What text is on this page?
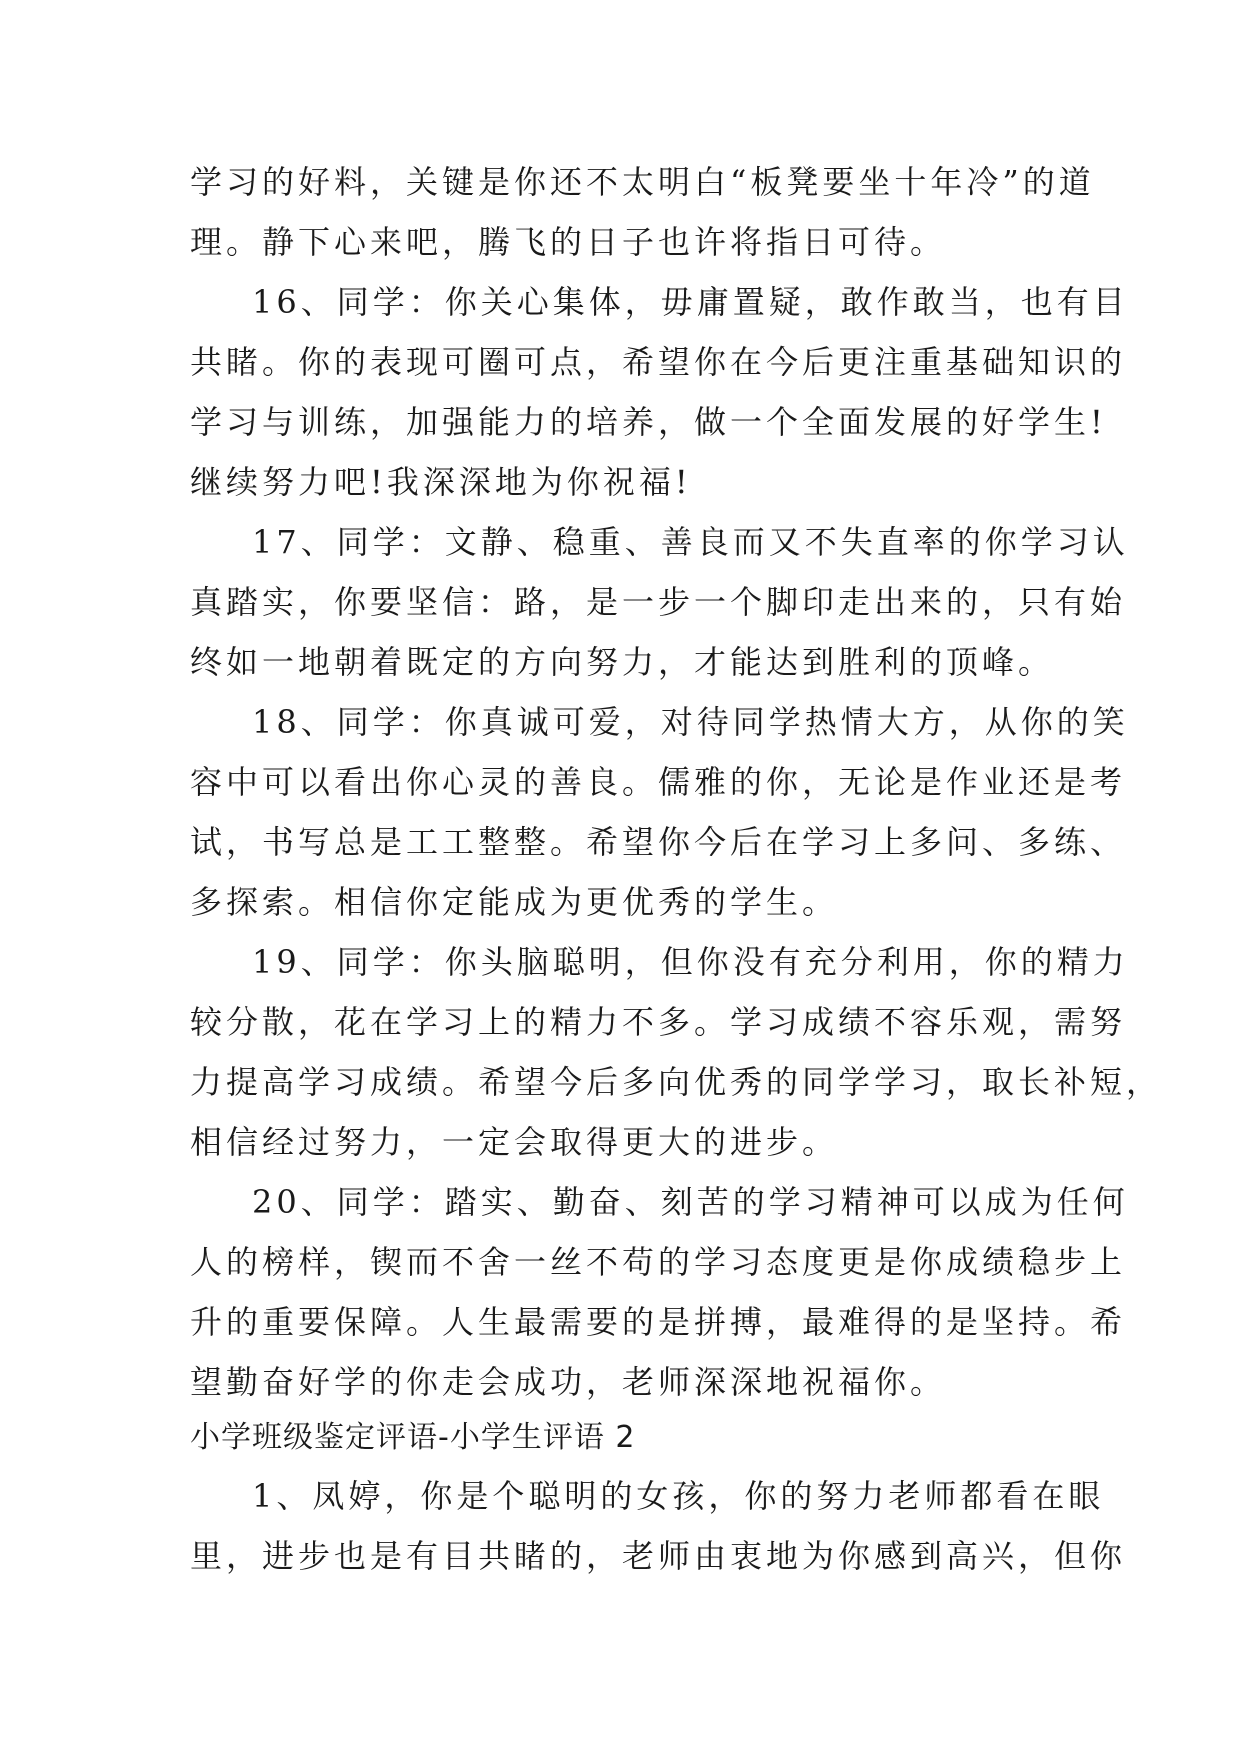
学习的好料，关键是你还不太明白“板凳要坐十年冷”的道

理。静下心来吧，腾飞的日子也许将指日可待。

16、同学：你关心集体，毋庸置疑，敢作敢当，也有目

共睹。你的表现可圈可点，希望你在今后更注重基础知识的

学习与训练，加强能力的培养，做一个全面发展的好学生!

继续努力吧!我深深地为你祝福!

17、同学：文静、稳重、善良而又不失直率的你学习认

真踏实，你要坚信：路，是一步一个脚印走出来的，只有始

终如一地朝着既定的方向努力，才能达到胜利的顶峰。

18、同学：你真诚可爱，对待同学热情大方，从你的笑

容中可以看出你心灵的善良。儒雅的你，无论是作业还是考

试，书写总是工工整整。希望你今后在学习上多问、多练、

多探索。相信你定能成为更优秀的学生。

19、同学：你头脑聪明，但你没有充分利用，你的精力

较分散，花在学习上的精力不多。学习成绩不容乐观，需努

力提高学习成绩。希望今后多向优秀的同学学习，取长补短，

相信经过努力，一定会取得更大的进步。

20、同学：踏实、勤奋、刻苦的学习精神可以成为任何

人的榜样，锲而不舍一丝不苟的学习态度更是你成绩稳步上

升的重要保障。人生最需要的是拼搏，最难得的是坚持。希

望勤奋好学的你走会成功，老师深深地祝福你。

小学班级鉴定评语-小学生评语 2

1、凤婷，你是个聪明的女孩，你的努力老师都看在眼

里，进步也是有目共睹的，老师由衷地为你感到高兴，但你
